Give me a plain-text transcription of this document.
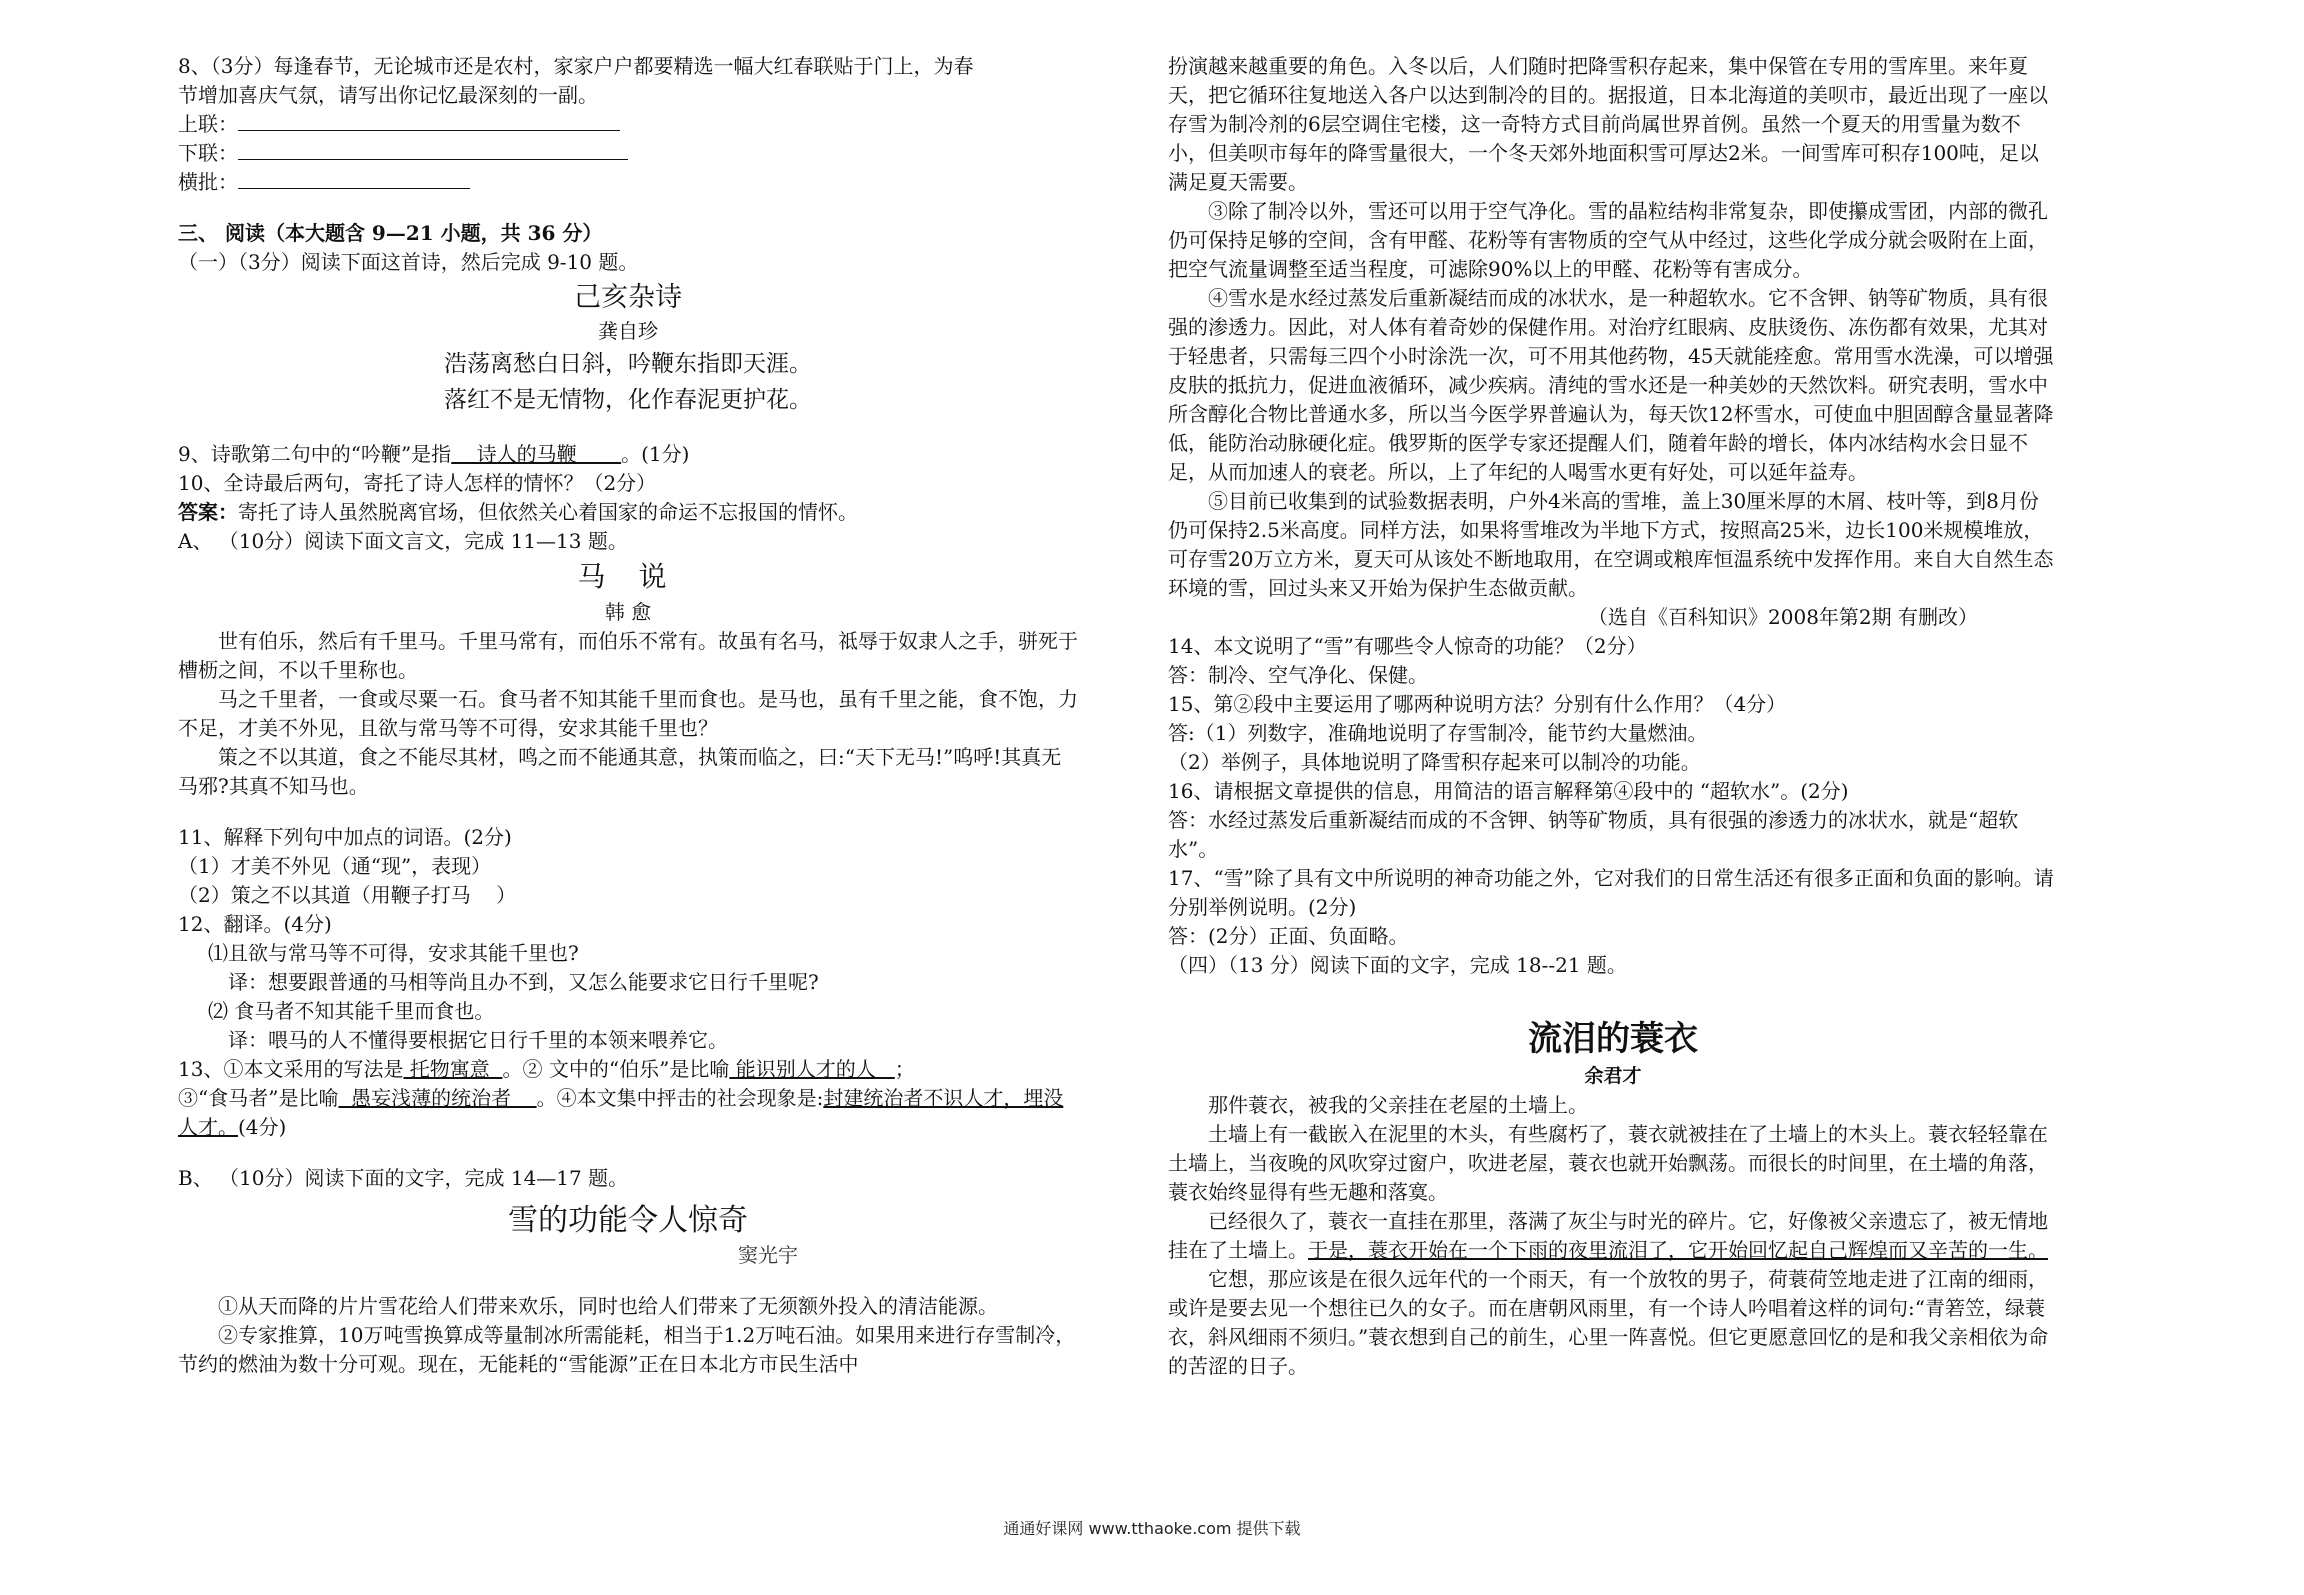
8、（3分）每逢春节，无论城市还是农村，家家户户都要精选一幅大红春联贴于门上，为春

节增加喜庆气氛，请写出你记忆最深刻的一副。

上联：

下联：

横批：

三、 阅读（本大题含 9—21 小题，共 36 分）

（一）（3分）阅读下面这首诗，然后完成 9-10 题。

己亥杂诗

龚自珍

浩荡离愁白日斜，吟鞭东指即天涯。

落红不是无情物，化作春泥更护花。

9、诗歌第二句中的“吟鞭”是指    诗人的马鞭       。(1分)

10、全诗最后两句，寄托了诗人怎样的情怀？（2分）

答案：寄托了诗人虽然脱离官场，但依然关心着国家的命运不忘报国的情怀。

A、 （10分）阅读下面文言文，完成 11—13 题。

马 说

韩 愈

世有伯乐，然后有千里马。千里马常有，而伯乐不常有。故虽有名马，祗辱于奴隶人之手，骈死于槽枥之间，不以千里称也。

马之千里者，一食或尽粟一石。食马者不知其能千里而食也。是马也，虽有千里之能，食不饱，力不足，才美不外见，且欲与常马等不可得，安求其能千里也？

策之不以其道，食之不能尽其材，鸣之而不能通其意，执策而临之，曰:“天下无马!”呜呼!其真无马邪?其真不知马也。

11、解释下列句中加点的词语。(2分)

（1）才美不外见（通“现”，表现）

（2）策之不以其道（用鞭子打马    ）

12、翻译。(4分)

⑴且欲与常马等不可得，安求其能千里也?

译：想要跟普通的马相等尚且办不到，又怎么能要求它日行千里呢?

⑵ 食马者不知其能千里而食也。

译：喂马的人不懂得要根据它日行千里的本领来喂养它。

13、①本文采用的写法是 托物寓意  。② 文中的“伯乐”是比喻 能识别人才的人   ；
③“食马者”是比喻  愚妄浅薄的统治者    。④本文集中抨击的社会现象是:封建统治者不识人才，埋没人才。(4分)

B、 （10分）阅读下面的文字，完成 14—17 题。

雪的功能令人惊奇

窦光宇

①从天而降的片片雪花给人们带来欢乐，同时也给人们带来了无须额外投入的清洁能源。

②专家推算，10万吨雪换算成等量制冰所需能耗，相当于1.2万吨石油。如果用来进行存雪制冷，节约的燃油为数十分可观。现在，无能耗的“雪能源”正在日本北方市民生活中

扮演越来越重要的角色。入冬以后，人们随时把降雪积存起来，集中保管在专用的雪库里。来年夏天，把它循环往复地送入各户以达到制冷的目的。据报道，日本北海道的美呗市，最近出现了一座以存雪为制冷剂的6层空调住宅楼，这一奇特方式目前尚属世界首例。虽然一个夏天的用雪量为数不小，但美呗市每年的降雪量很大，一个冬天郊外地面积雪可厚达2米。一间雪库可积存100吨，足以满足夏天需要。

③除了制冷以外，雪还可以用于空气净化。雪的晶粒结构非常复杂，即使攥成雪团，内部的微孔仍可保持足够的空间，含有甲醛、花粉等有害物质的空气从中经过，这些化学成分就会吸附在上面，把空气流量调整至适当程度，可滤除90%以上的甲醛、花粉等有害成分。

④雪水是水经过蒸发后重新凝结而成的冰状水，是一种超软水。它不含钾、钠等矿物质，具有很强的渗透力。因此，对人体有着奇妙的保健作用。对治疗红眼病、皮肤烫伤、冻伤都有效果，尤其对于轻患者，只需每三四个小时涂洗一次，可不用其他药物，45天就能痊愈。常用雪水洗澡，可以增强皮肤的抵抗力，促进血液循环，减少疾病。清纯的雪水还是一种美妙的天然饮料。研究表明，雪水中所含醇化合物比普通水多，所以当今医学界普遍认为，每天饮12杯雪水，可使血中胆固醇含量显著降低，能防治动脉硬化症。俄罗斯的医学专家还提醒人们，随着年龄的增长，体内冰结构水会日显不足，从而加速人的衰老。所以，上了年纪的人喝雪水更有好处，可以延年益寿。

⑤目前已收集到的试验数据表明，户外4米高的雪堆，盖上30厘米厚的木屑、枝叶等，到8月份仍可保持2.5米高度。同样方法，如果将雪堆改为半地下方式，按照高25米，边长100米规模堆放，可存雪20万立方米，夏天可从该处不断地取用，在空调或粮库恒温系统中发挥作用。来自大自然生态环境的雪，回过头来又开始为保护生态做贡献。

（选自《百科知识》2008年第2期 有删改）

14、本文说明了“雪”有哪些令人惊奇的功能？（2分）

答：制冷、空气净化、保健。

15、第②段中主要运用了哪两种说明方法？分别有什么作用？（4分）

答:（1）列数字，准确地说明了存雪制冷，能节约大量燃油。

（2）举例子，具体地说明了降雪积存起来可以制冷的功能。

16、请根据文章提供的信息，用简洁的语言解释第④段中的 “超软水”。(2分)

答：水经过蒸发后重新凝结而成的不含钾、钠等矿物质，具有很强的渗透力的冰状水，就是“超软水”。

17、“雪”除了具有文中所说明的神奇功能之外，它对我们的日常生活还有很多正面和负面的影响。请分别举例说明。(2分)

答：(2分）正面、负面略。

（四）（13 分）阅读下面的文字，完成 18--21 题。

流泪的蓑衣

余君才

那件蓑衣，被我的父亲挂在老屋的土墙上。

土墙上有一截嵌入在泥里的木头，有些腐朽了，蓑衣就被挂在了土墙上的木头上。蓑衣轻轻靠在土墙上，当夜晚的风吹穿过窗户，吹进老屋，蓑衣也就开始飘荡。而很长的时间里，在土墙的角落，蓑衣始终显得有些无趣和落寞。

已经很久了，蓑衣一直挂在那里，落满了灰尘与时光的碎片。它，好像被父亲遗忘了，被无情地挂在了土墙上。于是，蓑衣开始在一个下雨的夜里流泪了，它开始回忆起自己辉煌而又辛苦的一生。

它想，那应该是在很久远年代的一个雨天，有一个放牧的男子，荷蓑荷笠地走进了江南的细雨，或许是要去见一个想往已久的女子。而在唐朝风雨里，有一个诗人吟唱着这样的词句:“青箬笠，绿蓑衣，斜风细雨不须归。”蓑衣想到自己的前生，心里一阵喜悦。但它更愿意回忆的是和我父亲相依为命的苦涩的日子。

通通好课网 www.tthaoke.com 提供下载
